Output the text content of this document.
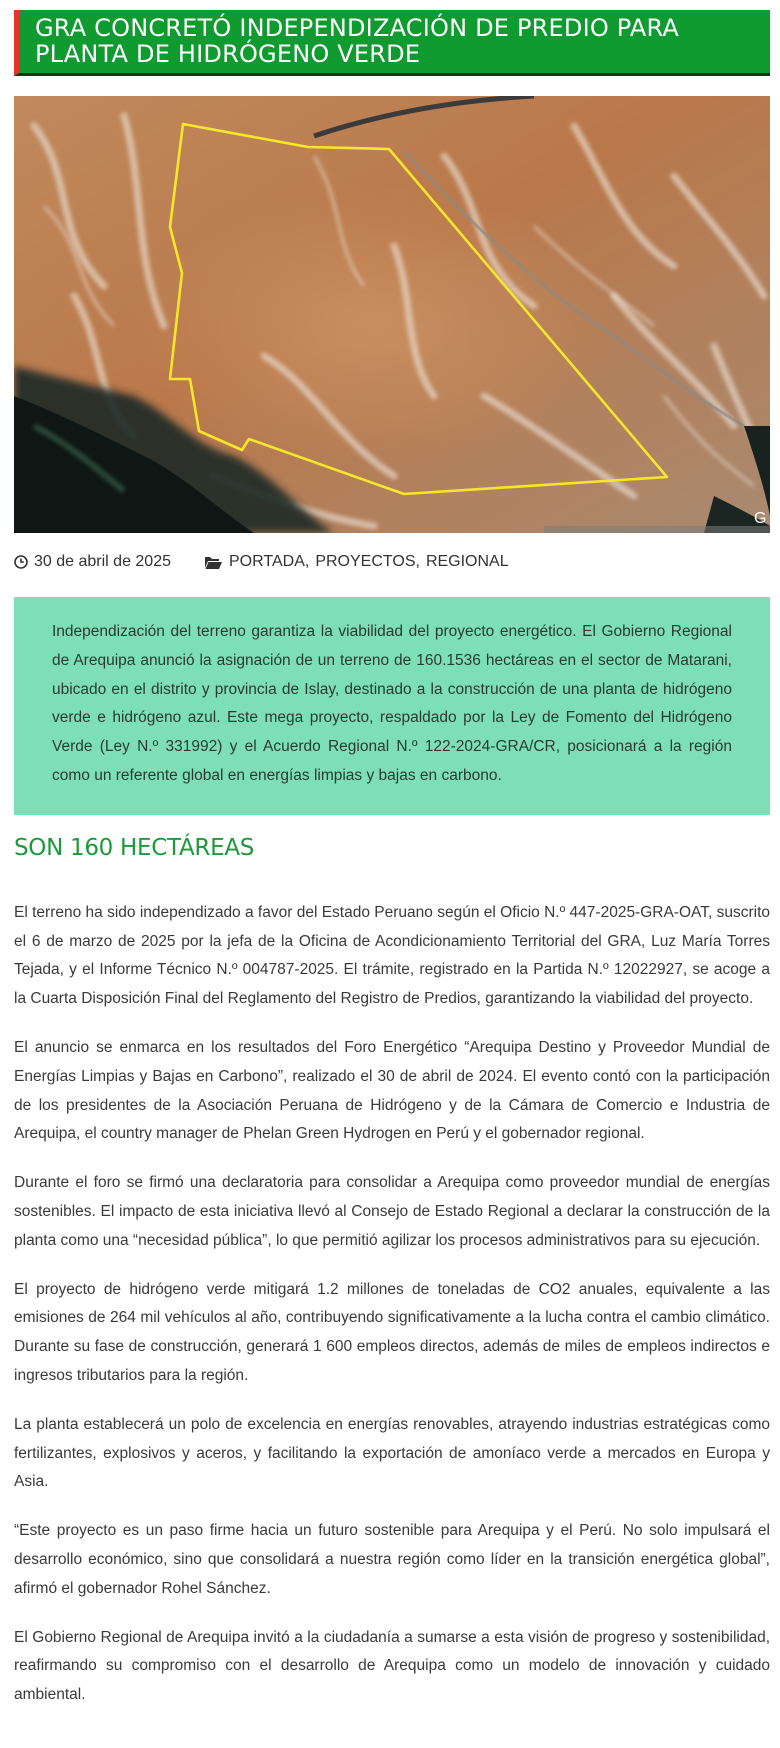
GRA CONCRETÓ INDEPENDIZACIÓN DE PREDIO PARA PLANTA DE HIDRÓGENO VERDE
G
30 de abril de 2025	PORTADA, PROYECTOS, REGIONAL
Independización del terreno garantiza la viabilidad del proyecto energético. El Gobierno Regional de Arequipa anunció la asignación de un terreno de 160.1536 hectáreas en el sector de Matarani, ubicado en el distrito y provincia de Islay, destinado a la construcción de una planta de hidrógeno verde e hidrógeno azul. Este mega proyecto, respaldado por la Ley de Fomento del Hidrógeno Verde (Ley N.º 331992) y el Acuerdo Regional N.º 122-2024-GRA/CR, posicionará a la región como un referente global en energías limpias y bajas en carbono.
SON 160 HECTÁREAS

El terreno ha sido independizado a favor del Estado Peruano según el Oficio N.º 447-2025-GRA-OAT, suscrito el 6 de marzo de 2025 por la jefa de la Oficina de Acondicionamiento Territorial del GRA, Luz María Torres Tejada, y el Informe Técnico N.º 004787-2025. El trámite, registrado en la Partida N.º 12022927, se acoge a la Cuarta Disposición Final del Reglamento del Registro de Predios, garantizando la viabilidad del proyecto.

El anuncio se enmarca en los resultados del Foro Energético “Arequipa Destino y Proveedor Mundial de Energías Limpias y Bajas en Carbono”, realizado el 30 de abril de 2024. El evento contó con la participación de los presidentes de la Asociación Peruana de Hidrógeno y de la Cámara de Comercio e Industria de Arequipa, el country manager de Phelan Green Hydrogen en Perú y el gobernador regional.

Durante el foro se firmó una declaratoria para consolidar a Arequipa como proveedor mundial de energías sostenibles. El impacto de esta iniciativa llevó al Consejo de Estado Regional a declarar la construcción de la planta como una “necesidad pública”, lo que permitió agilizar los procesos administrativos para su ejecución.

El proyecto de hidrógeno verde mitigará 1.2 millones de toneladas de CO2 anuales, equivalente a las emisiones de 264 mil vehículos al año, contribuyendo significativamente a la lucha contra el cambio climático. Durante su fase de construcción, generará 1 600 empleos directos, además de miles de empleos indirectos e ingresos tributarios para la región.

La planta establecerá un polo de excelencia en energías renovables, atrayendo industrias estratégicas como fertilizantes, explosivos y aceros, y facilitando la exportación de amoníaco verde a mercados en Europa y Asia.

“Este proyecto es un paso firme hacia un futuro sostenible para Arequipa y el Perú. No solo impulsará el desarrollo económico, sino que consolidará a nuestra región como líder en la transición energética global”, afirmó el gobernador Rohel Sánchez.

El Gobierno Regional de Arequipa invitó a la ciudadanía a sumarse a esta visión de progreso y sostenibilidad, reafirmando su compromiso con el desarrollo de Arequipa como un modelo de innovación y cuidado ambiental.
